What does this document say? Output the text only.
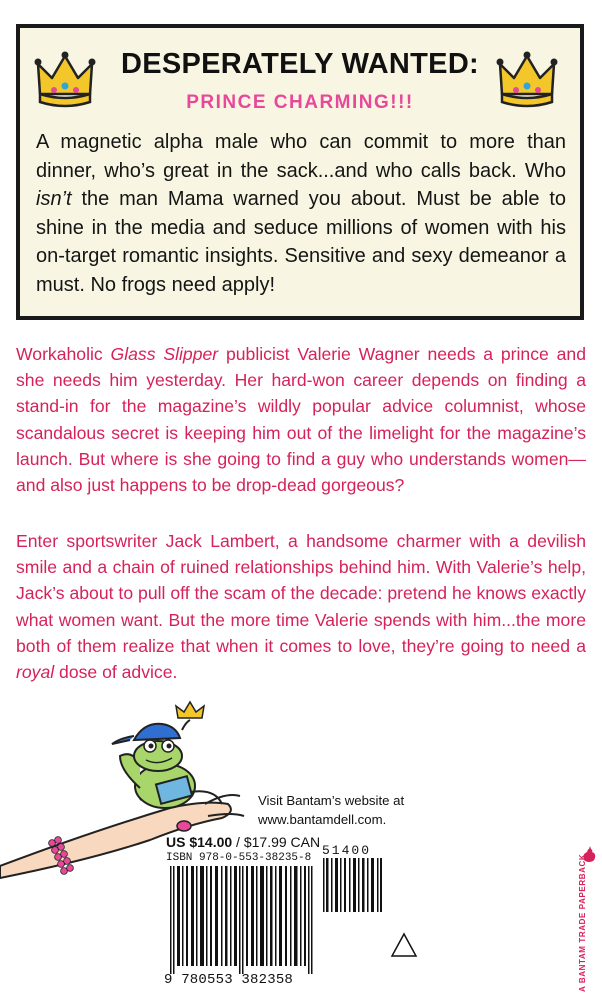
DESPERATELY WANTED:
PRINCE CHARMING!!!
A magnetic alpha male who can commit to more than dinner, who’s great in the sack...and who calls back. Who isn’t the man Mama warned you about. Must be able to shine in the media and seduce millions of women with his on-target romantic insights. Sensitive and sexy demeanor a must. No frogs need apply!
Workaholic Glass Slipper publicist Valerie Wagner needs a prince and she needs him yesterday. Her hard-won career depends on finding a stand-in for the magazine’s wildly popular advice columnist, whose scandalous secret is keeping him out of the limelight for the magazine’s launch. But where is she going to find a guy who understands women—and also just happens to be drop-dead gorgeous?
Enter sportswriter Jack Lambert, a handsome charmer with a devilish smile and a chain of ruined relationships behind him. With Valerie’s help, Jack’s about to pull off the scam of the decade: pretend he knows exactly what women want. But the more time Valerie spends with him...the more both of them realize that when it comes to love, they’re going to need a royal dose of advice.
Visit Bantam’s website at
www.bantamdell.com.
US $14.00 / $17.99 CAN
ISBN 978-0-553-38235-8
9 780553 382358
51400
A BANTAM TRADE PAPERBACK
